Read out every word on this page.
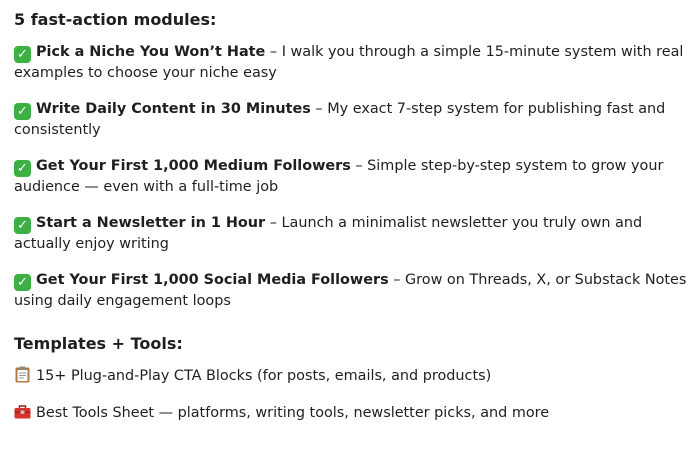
5 fast-action modules:

✓ Pick a Niche You Won’t Hate – I walk you through a simple 15-minute system with real examples to choose your niche easy

✓ Write Daily Content in 30 Minutes – My exact 7-step system for publishing fast and consistently

✓ Get Your First 1,000 Medium Followers – Simple step-by-step system to grow your audience — even with a full-time job

✓ Start a Newsletter in 1 Hour – Launch a minimalist newsletter you truly own and actually enjoy writing

✓ Get Your First 1,000 Social Media Followers – Grow on Threads, X, or Substack Notes using daily engagement loops

Templates + Tools:

15+ Plug-and-Play CTA Blocks (for posts, emails, and products)

Best Tools Sheet — platforms, writing tools, newsletter picks, and more
